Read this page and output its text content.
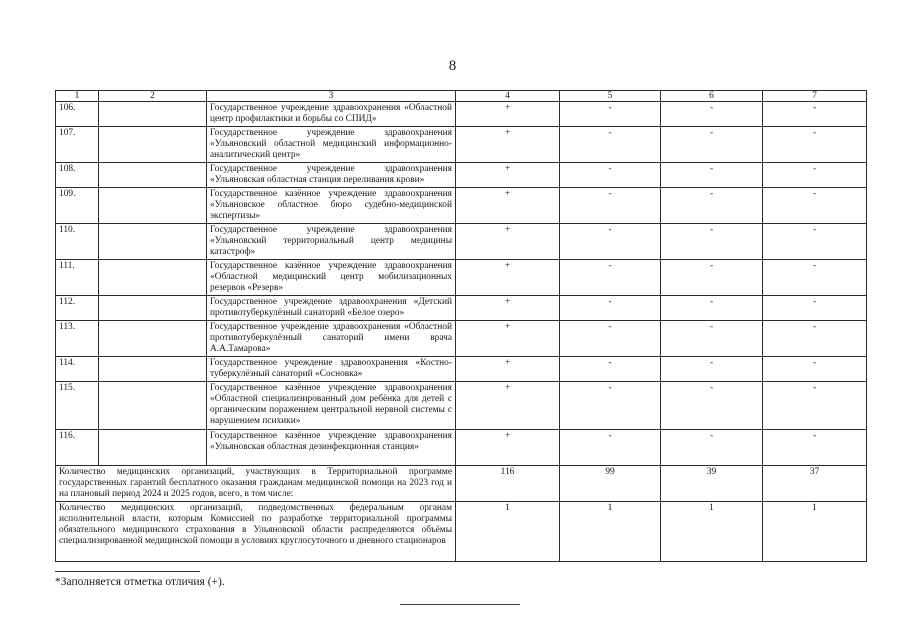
8
1	2	3	4	5	6	7
106.		Государственное учреждение здравоохранения «Областной центр профилактики и борьбы со СПИД»	+	-	-	-
107.		Государственное учреждение здравоохранения «Ульяновский областной медицинский информационно-аналитический центр»	+	-	-	-
108.		Государственное учреждение здравоохранения «Ульяновская областная станция переливания крови»	+	-	-	-
109.		Государственное казённое учреждение здравоохранения «Ульяновское областное бюро судебно-медицинской экспертизы»	+	-	-	-
110.		Государственное учреждение здравоохранения «Ульяновский территориальный центр медицины катастроф»	+	-	-	-
111.		Государственное казённое учреждение здравоохранения «Областной медицинский центр мобилизационных резервов «Резерв»	+	-	-	-
112.		Государственное учреждение здравоохранения «Детский противотуберкулёзный санаторий «Белое озеро»	+	-	-	-
113.		Государственное учреждение здравоохранения «Областной противотуберкулёзный санаторий имени врача А.А.Тамарова»	+	-	-	-
114.		Государственное учреждение здравоохранения «Костно-туберкулёзный санаторий «Сосновка»	+	-	-	-
115.		Государственное казённое учреждение здравоохранения «Областной специализированный дом ребёнка для детей с органическим поражением центральной нервной системы с нарушением психики»	+	-	-	-
116.		Государственное казённое учреждение здравоохранения «Ульяновская областная дезинфекционная станция»	+	-	-	-
Количество медицинских организаций, участвующих в Территориальной программе государственных гарантий бесплатного оказания гражданам медицинской помощи на 2023 год и на плановый период 2024 и 2025 годов, всего, в том числе:			116	99	39	37
Количество медицинских организаций, подведомственных федеральным органам исполнительной власти, которым Комиссией по разработке территориальной программы обязательного медицинского страхования в Ульяновской области распределяются объёмы специализированной медицинской помощи в условиях круглосуточного и дневного стационаров			1	1	1	1
*Заполняется отметка отличия (+).
